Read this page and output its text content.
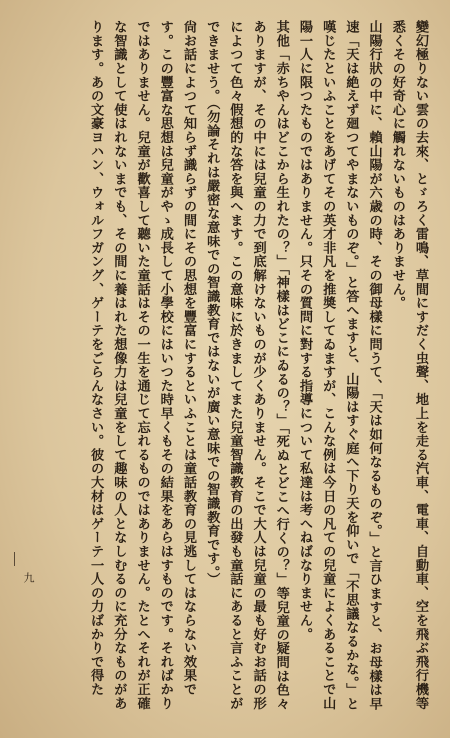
變幻極りない雲の去來、とゞろく雷鳴、草間にすだく虫聲、地上を走る汽車、電車、自動車、空を飛ぶ飛行機等悉くその好奇心に觸れないものはありません。

山陽行狀の中に、賴山陽が六歳の時、その御母樣に問うて、「天は如何なるものぞ。」と言ひますと、お母樣は早速「天は絶えず廻つてやまないものぞ。」と答へますと、山陽はすぐ庭へ下り天を仰いで「不思議なるかな。」と嘆じたといふことをあげてその英才非凡を推奬してゐますが、こんな例は今日の凡ての兒童によくあることで山陽一人に限つたものではありません。只その質問に對する指導について私達は考へねばなりません。

其他「赤ちやんはどこから生れたの？」「神樣はどこにゐるの？」「死ぬとどこへ行くの？」等兒童の疑問は色々ありますが、その中には兒童の力で到底解けないものが少くありません。そこで大人は兒童の最も好むお話の形によつて色々假想的な答を與へます。この意味に於きましてまた兒童智識教育の出發も童話にあると言ふことができませう。（勿論それは嚴密な意味での智識教育ではないが廣い意味での智識教育です。）

尙お話によつて知らず識らずの間にその思想を豐富にするといふことは童話教育の見逃してはならない效果です。この豐富な思想は兒童がやゝ成長して小學校にはいつた時早くもその結果をあらはすものです。そればかりではありません。兒童が歡喜して聽いた童話はその一生を通じて忘れるものではありません。たとへそれが正確な智識として使はれないまでも、その間に養はれた想像力は兒童をして趣味の人となしむるのに充分なものがあります。あの文豪ヨハン、ウォルフガング、ゲーテをごらんなさい。彼の大材はゲーテ一人の力ばかりで得た

九
